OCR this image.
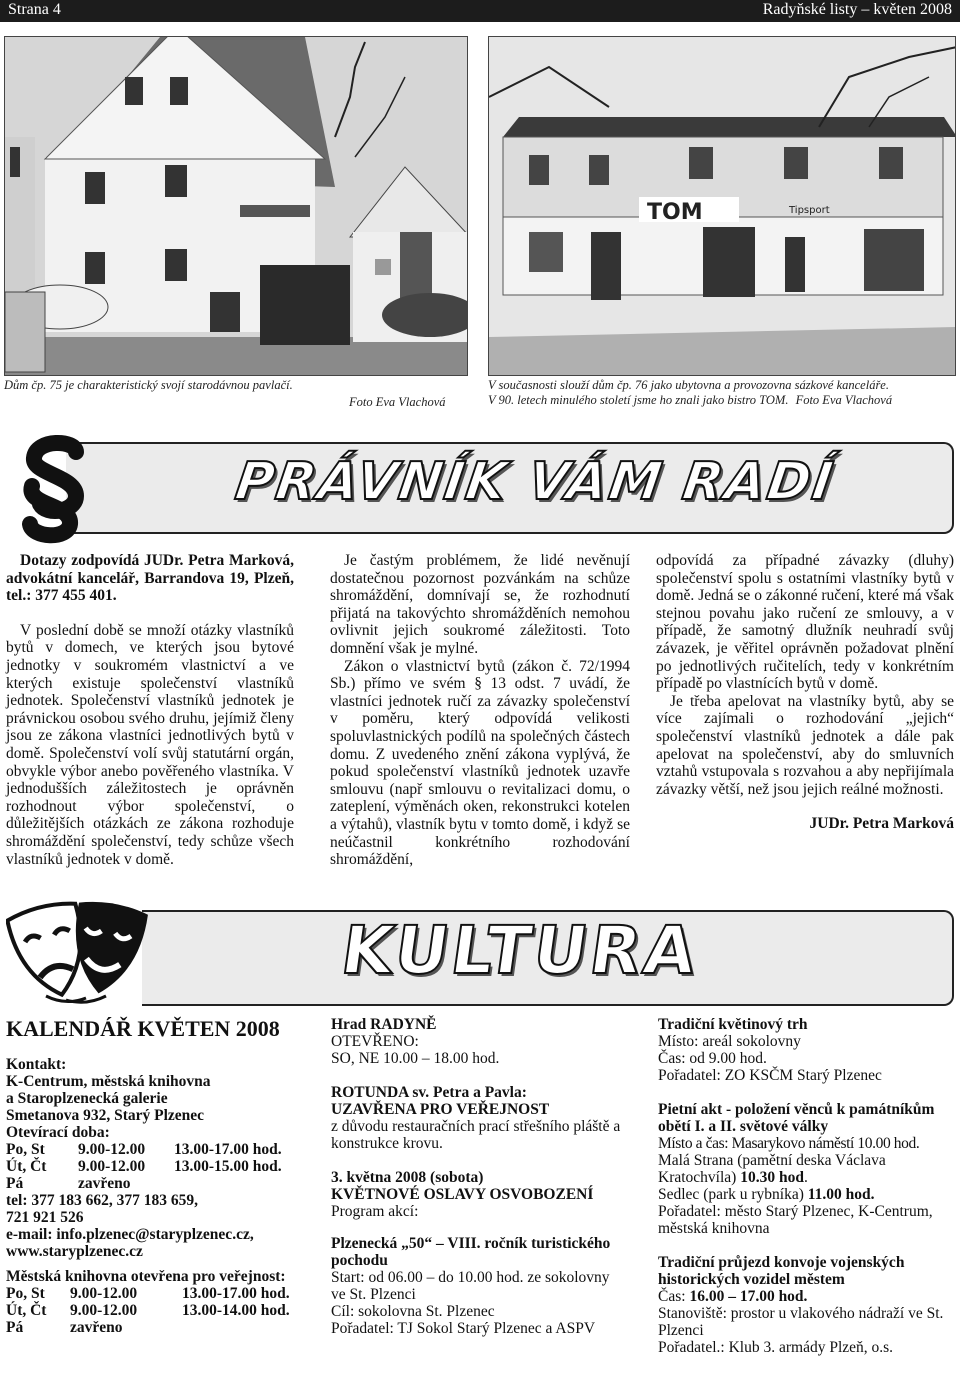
Strana 4	Radyňské listy – květen 2008
Dům čp. 75 je charakteristický svojí starodávnou pavlačí.
Foto Eva Vlachová
TOM	Tipsport
V současnosti slouží dům čp. 76 jako ubytovna a provozovna sázkové kanceláře.
V 90. letech minulého století jsme ho znali jako bistro TOM. Foto Eva Vlachová
PRÁVNÍK VÁM RADÍ

Dotazy zodpovídá JUDr. Petra Marková, advokátní kancelář, Barrandova 19, Plzeň, tel.: 377 455 401.

V poslední době se množí otázky vlastníků bytů v domech, ve kterých jsou bytové jednotky v soukromém vlastnictví a ve kterých existuje společenství vlastníků jednotek. Společenství vlastníků jednotek je právnickou osobou svého druhu, jejímiž členy jsou ze zákona vlastníci jednotlivých bytů v domě. Společenství volí svůj statutární orgán, obvykle výbor anebo pověřeného vlastníka. V jednodušších záležitostech je oprávněn rozhodnout výbor společenství, o důležitějších otázkách ze zákona rozhoduje shromáždění společenství, tedy schůze všech vlastníků jednotek v domě.

Je častým problémem, že lidé nevěnují dostatečnou pozornost pozvánkám na schůze shromáždění, domnívají se, že rozhodnutí přijatá na takovýchto shromážděních nemohou ovlivnit jejich soukromé záležitosti. Toto domnění však je mylné.

Zákon o vlastnictví bytů (zákon č. 72/1994 Sb.) přímo ve svém § 13 odst. 7 uvádí, že vlastníci jednotek ručí za závazky společenství v poměru, který odpovídá velikosti spoluvlastnických podílů na společných částech domu. Z uvedeného znění zákona vyplývá, že pokud společenství vlastníků jednotek uzavře smlouvu (např smlouvu o revitalizaci domu, o zateplení, výměnách oken, rekonstrukci kotelen a výtahů), vlastník bytu v tomto domě, i když se neúčastnil konkrétního rozhodování shromáždění,

odpovídá za případné závazky (dluhy) společenství spolu s ostatními vlastníky bytů v domě. Jedná se o zákonné ručení, které má však stejnou povahu jako ručení ze smlouvy, a v případě, že samotný dlužník neuhradí svůj závazek, je věřitel oprávněn požadovat plnění po jednotlivých ručitelích, tedy v konkrétním případě po vlastnících bytů v domě.

Je třeba apelovat na vlastníky bytů, aby se více zajímali o rozhodování „jejich“ společenství vlastníků jednotek a dále pak apelovat na společenství, aby do smluvních vztahů vstupovala s rozvahou a aby nepřijímala závazky větší, než jsou jejich reálné možnosti.

JUDr. Petra Marková

KULTURA
KALENDÁŘ KVĚTEN 2008

Kontakt:

K-Centrum, městská knihovna

a Staroplzenecká galerie

Smetanova 932, Starý Plzenec

Otevírací doba:

Po, St	9.00-12.00	13.00-17.00 hod.
Út, Čt	9.00-12.00	13.00-15.00 hod.
Pá	zavřeno

tel: 377 183 662, 377 183 659,

721 921 526

e-mail: info.plzenec@staryplzenec.cz,

www.staryplzenec.cz

Městská knihovna otevřena pro veřejnost:

Po, St	9.00-12.00	13.00-17.00 hod.
Út, Čt	9.00-12.00	13.00-14.00 hod.
Pá	zavřeno

Hrad RADYNĚ

OTEVŘENO:

SO, NE 10.00 – 18.00 hod.

ROTUNDA sv. Petra a Pavla:

UZAVŘENA PRO VEŘEJNOST

z důvodu restauračních prací střešního pláště a konstrukce krovu.

3. května 2008 (sobota)

KVĚTNOVÉ OSLAVY OSVOBOZENÍ

Program akcí:

Plzenecká „50“ – VIII. ročník turistického pochodu

Start: od 06.00 – do 10.00 hod. ze sokolovny ve St. Plzenci

Cíl: sokolovna St. Plzenec

Pořadatel: TJ Sokol Starý Plzenec a ASPV

Tradiční květinový trh

Místo: areál sokolovny

Čas: od 9.00 hod.

Pořadatel: ZO KSČM Starý Plzenec

Pietní akt - položení věnců k památníkům obětí I. a II. světové války

Místo a čas: Masarykovo náměstí 10.00 hod.

Malá Strana (pamětní deska Václava Kratochvíla) 10.30 hod.

Sedlec (park u rybníka) 11.00 hod.

Pořadatel: město Starý Plzenec, K-Centrum, městská knihovna

Tradiční průjezd konvoje vojenských historických vozidel městem

Čas: 16.00 – 17.00 hod.

Stanoviště: prostor u vlakového nádraží ve St. Plzenci

Pořadatel.: Klub 3. armády Plzeň, o.s.
